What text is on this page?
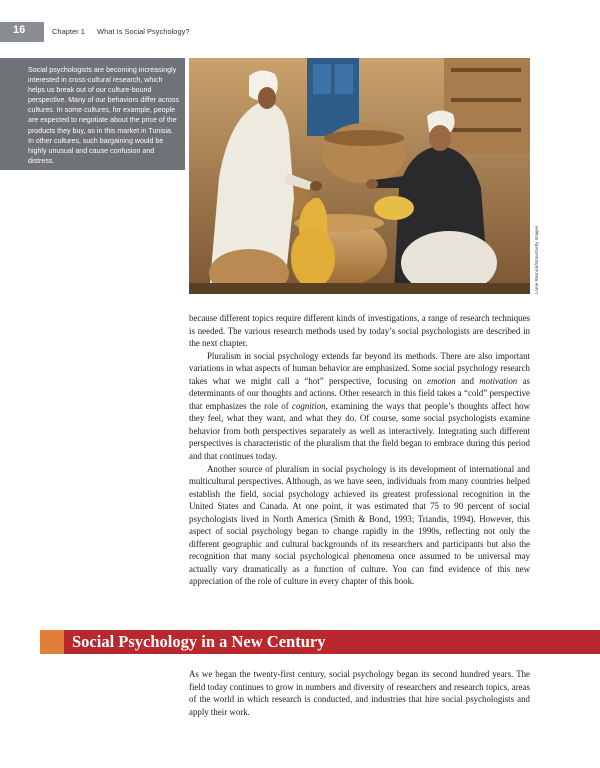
16	Chapter 1 What Is Social Psychology?
Social psychologists are becoming increasingly interested in cross-cultural research, which helps us break out of our culture-bound perspective. Many of our behaviors differ across cultures. In some cultures, for example, people are expected to negotiate about the price of the products they buy, as in this market in Tunisia. In other cultures, such bargaining would be highly unusual and cause confusion and distress.
Lorne Resnick/Stone/Getty Images

because different topics require different kinds of investigations, a range of research techniques is needed. The various research methods used by today’s social psychologists are described in the next chapter.

Pluralism in social psychology extends far beyond its methods. There are also important variations in what aspects of human behavior are emphasized. Some social psychology research takes what we might call a “hot” perspective, focusing on emotion and motivation as determinants of our thoughts and actions. Other research in this field takes a “cold” perspective that emphasizes the role of cognition, examining the ways that people’s thoughts affect how they feel, what they want, and what they do. Of course, some social psychologists examine behavior from both perspectives separately as well as interactively. Integrating such different perspectives is characteristic of the pluralism that the field began to embrace during this period and that continues today.

Another source of pluralism in social psychology is its development of international and multicultural perspectives. Although, as we have seen, individuals from many countries helped establish the field, social psychology achieved its greatest professional recognition in the United States and Canada. At one point, it was estimated that 75 to 90 percent of social psychologists lived in North America (Smith & Bond, 1993; Triandis, 1994). However, this aspect of social psychology began to change rapidly in the 1990s, reflecting not only the different geographic and cultural backgrounds of its researchers and participants but also the recognition that many social psychological phenomena once assumed to be universal may actually vary dramatically as a function of culture. You can find evidence of this new appreciation of the role of culture in every chapter of this book.

Social Psychology in a New Century

As we began the twenty-first century, social psychology began its second hundred years. The field today continues to grow in numbers and diversity of researchers and research topics, areas of the world in which research is conducted, and industries that hire social psychologists and apply their work.
